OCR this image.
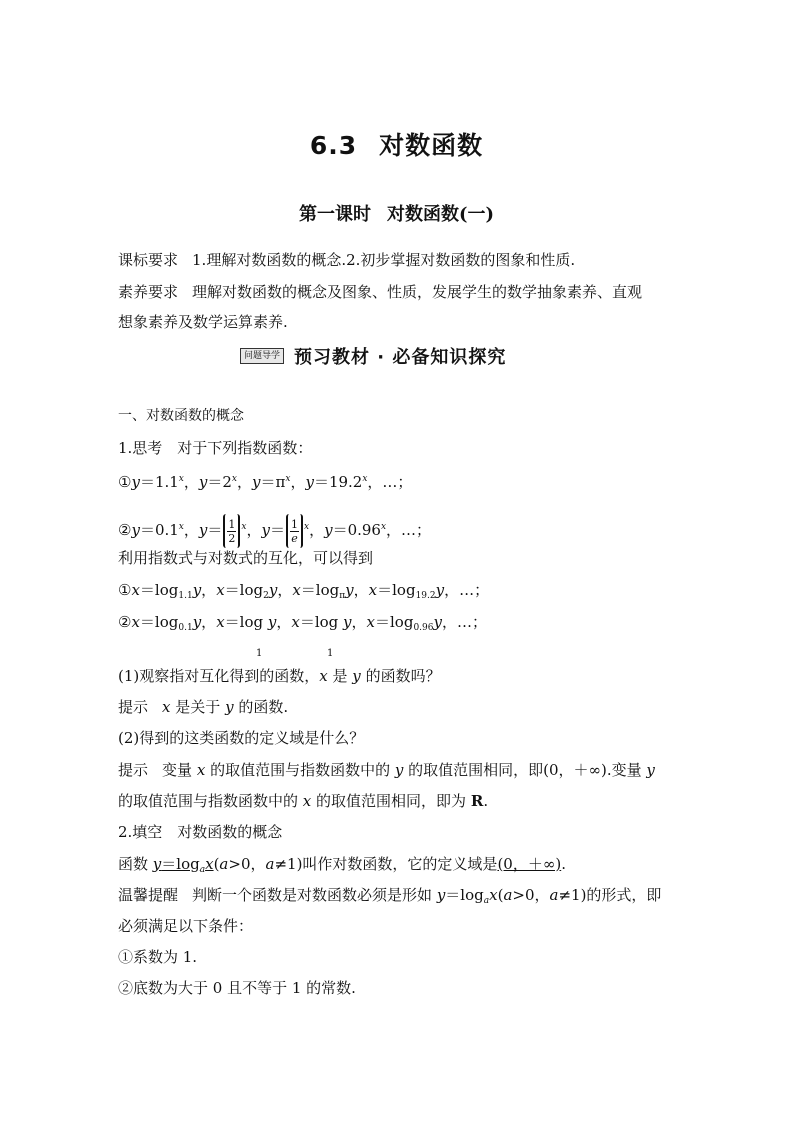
6.3 对数函数
第一课时 对数函数(一)
课标要求 1.理解对数函数的概念.2.初步掌握对数函数的图象和性质.
素养要求 理解对数函数的概念及图象、性质，发展学生的数学抽象素养、直观
想象素养及数学运算素养.
问题导学 预习教材 · 必备知识探究
一、对数函数的概念
1.思考　对于下列指数函数：
$①y=1.1^x$，$y=2^x$，$y=\pi^x$，$y=19.2^x$，…；
$②y=0.1^x$，y＝ 1
2
$^x$，y＝ 1
e
$^x$，$y=0.96^x$，…；
利用指数式与对数式的互化，可以得到
$①x=\log_{1.1}y$，$x=\log_2y$，$x=\log_\pi y$，$x=\log_{19.2}y$，…；
$②x=\log_{0.1}y$，x＝log y，x＝log y，$x=\log_{0.96}y$，…；
1	1
(1)观察指对互化得到的函数，x 是 y 的函数吗？
提示 x 是关于 y 的函数.
(2)得到的这类函数的定义域是什么？
提示 变量 x 的取值范围与指数函数中的 y 的取值范围相同，即(0，＋∞).变量 y
的取值范围与指数函数中的 x 的取值范围相同，即为 R.
2.填空　对数函数的概念
函数 $y=\log_ax(a>0$，a≠1)叫作对数函数，它的定义域是(0，＋∞).
温馨提醒 判断一个函数是对数函数必须是形如 $y=\log_ax(a>0$，a≠1)的形式，即
必须满足以下条件：
①系数为 1.
②底数为大于 0 且不等于 1 的常数.
